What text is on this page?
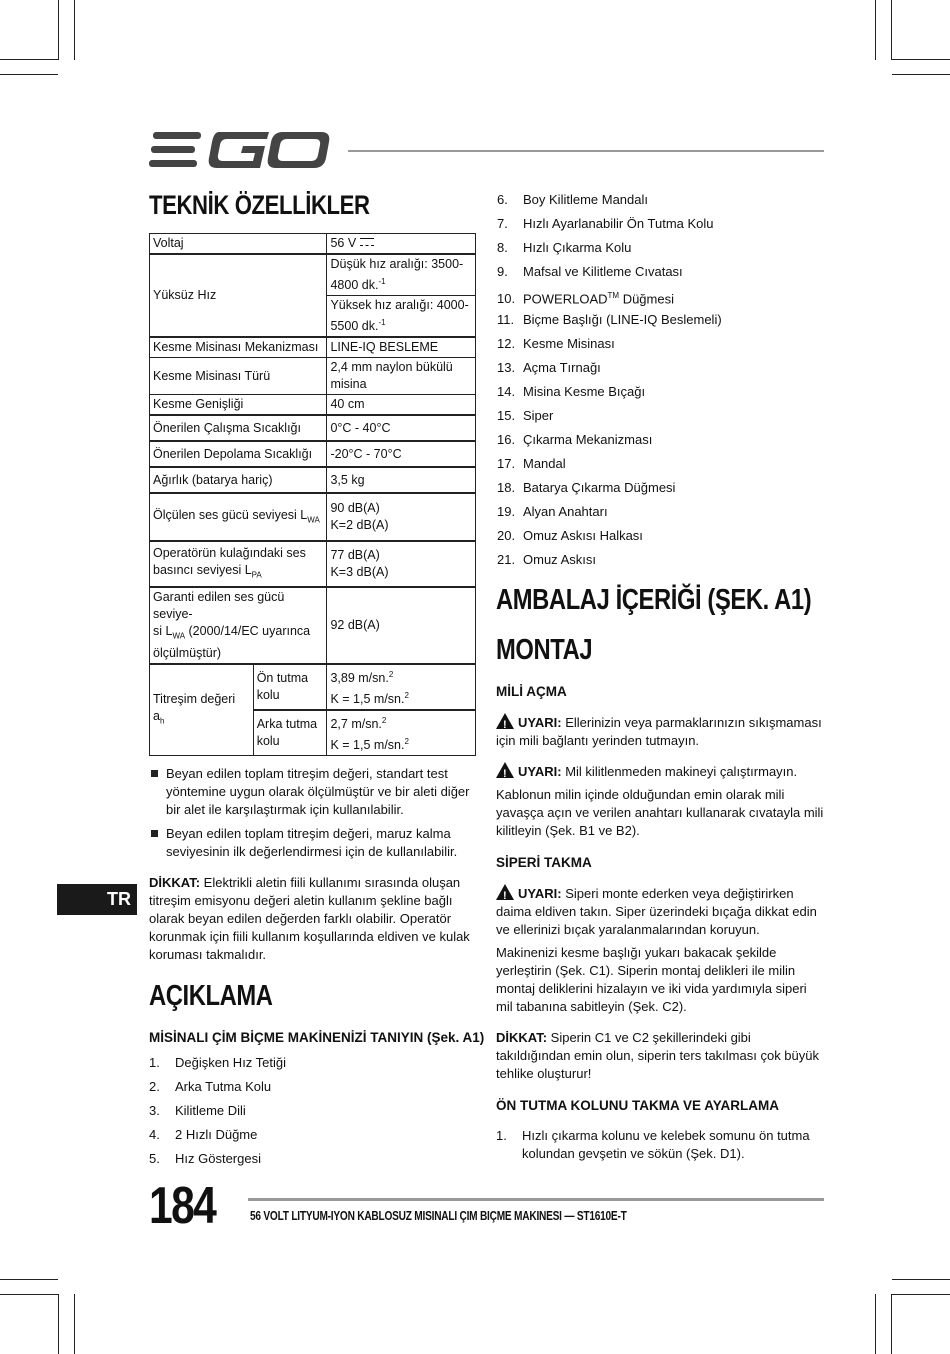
TR
TEKNİK ÖZELLİKLER
Voltaj		56 V
Yüksüz Hız		Düşük hız aralığı: 3500-
4800 dk.$^{-1}$
		Yüksek hız aralığı: 4000-
5500 dk.$^{-1}$
Kesme Misinası Mekanizması		LINE-IQ BESLEME
Kesme Misinası Türü		2,4 mm naylon bükülü
misina
Kesme Genişliği		40 cm
Önerilen Çalışma Sıcaklığı		0°C - 40°C
Önerilen Depolama Sıcaklığı		-20°C - 70°C
Ağırlık (batarya hariç)		3,5 kg
Ölçülen ses gücü seviyesi $L_{WA}$		90 dB(A)
K=2 dB(A)
Operatörün kulağındaki ses
basıncı seviyesi $L_{PA}$		77 dB(A)
K=3 dB(A)
Garanti edilen ses gücü seviye-
si $L_{WA}$ (2000/14/EC uyarınca
ölçülmüştür)		92 dB(A)
Titreşim değeri $a_h$	Ön tutma
kolu	3,89 m/sn.$^2$
K = 1,5 m/sn.$^2$
	Arka tutma
kolu	2,7 m/sn.$^2$
K = 1,5 m/sn.$^2$
Beyan edilen toplam titreşim değeri, standart test yöntemine uygun olarak ölçülmüştür ve bir aleti diğer bir alet ile karşılaştırmak için kullanılabilir.
Beyan edilen toplam titreşim değeri, maruz kalma seviyesinin ilk değerlendirmesi için de kullanılabilir.
DİKKAT: Elektrikli aletin fiili kullanımı sırasında oluşan titreşim emisyonu değeri aletin kullanım şekline bağlı olarak beyan edilen değerden farklı olabilir. Operatör korunmak için fiili kullanım koşullarında eldiven ve kulak koruması takmalıdır.
AÇIKLAMA
MİSİNALI ÇİM BİÇME MAKİNENİZİ TANIYIN (Şek. A1)
1. Değişken Hız Tetiği
2. Arka Tutma Kolu
3. Kilitleme Dili
4. 2 Hızlı Düğme
5. Hız Göstergesi
6. Boy Kilitleme Mandalı
7. Hızlı Ayarlanabilir Ön Tutma Kolu
8. Hızlı Çıkarma Kolu
9. Mafsal ve Kilitleme Cıvatası
10. POWERLOAD™ Düğmesi
11. Biçme Başlığı (LINE-IQ Beslemeli)
12. Kesme Misinası
13. Açma Tırnağı
14. Misina Kesme Bıçağı
15. Siper
16. Çıkarma Mekanizması
17. Mandal
18. Batarya Çıkarma Düğmesi
19. Alyan Anahtarı
20. Omuz Askısı Halkası
21. Omuz Askısı
AMBALAJ İÇERİĞİ (ŞEK. A1)
MONTAJ
MİLİ AÇMA
! UYARI: Ellerinizin veya parmaklarınızın sıkışmaması için mili bağlantı yerinden tutmayın.
! UYARI: Mil kilitlenmeden makineyi çalıştırmayın.
Kablonun milin içinde olduğundan emin olarak mili yavaşça açın ve verilen anahtarı kullanarak cıvatayla mili kilitleyin (Şek. B1 ve B2).
SİPERİ TAKMA
! UYARI: Siperi monte ederken veya değiştirirken daima eldiven takın. Siper üzerindeki bıçağa dikkat edin ve ellerinizi bıçak yaralanmalarından koruyun.
Makinenizi kesme başlığı yukarı bakacak şekilde yerleştirin (Şek. C1). Siperin montaj delikleri ile milin montaj deliklerini hizalayın ve iki vida yardımıyla siperi mil tabanına sabitleyin (Şek. C2).
DİKKAT: Siperin C1 ve C2 şekillerindeki gibi takıldığından emin olun, siperin ters takılması çok büyük tehlike oluşturur!
ÖN TUTMA KOLUNU TAKMA VE AYARLAMA
1.	Hızlı çıkarma kolunu ve kelebek somunu ön tutma kolundan gevşetin ve sökün (Şek. D1).
184	56 VOLT LITYUM-IYON KABLOSUZ MISINALI ÇIM BIÇME MAKINESI — ST1610E-T
